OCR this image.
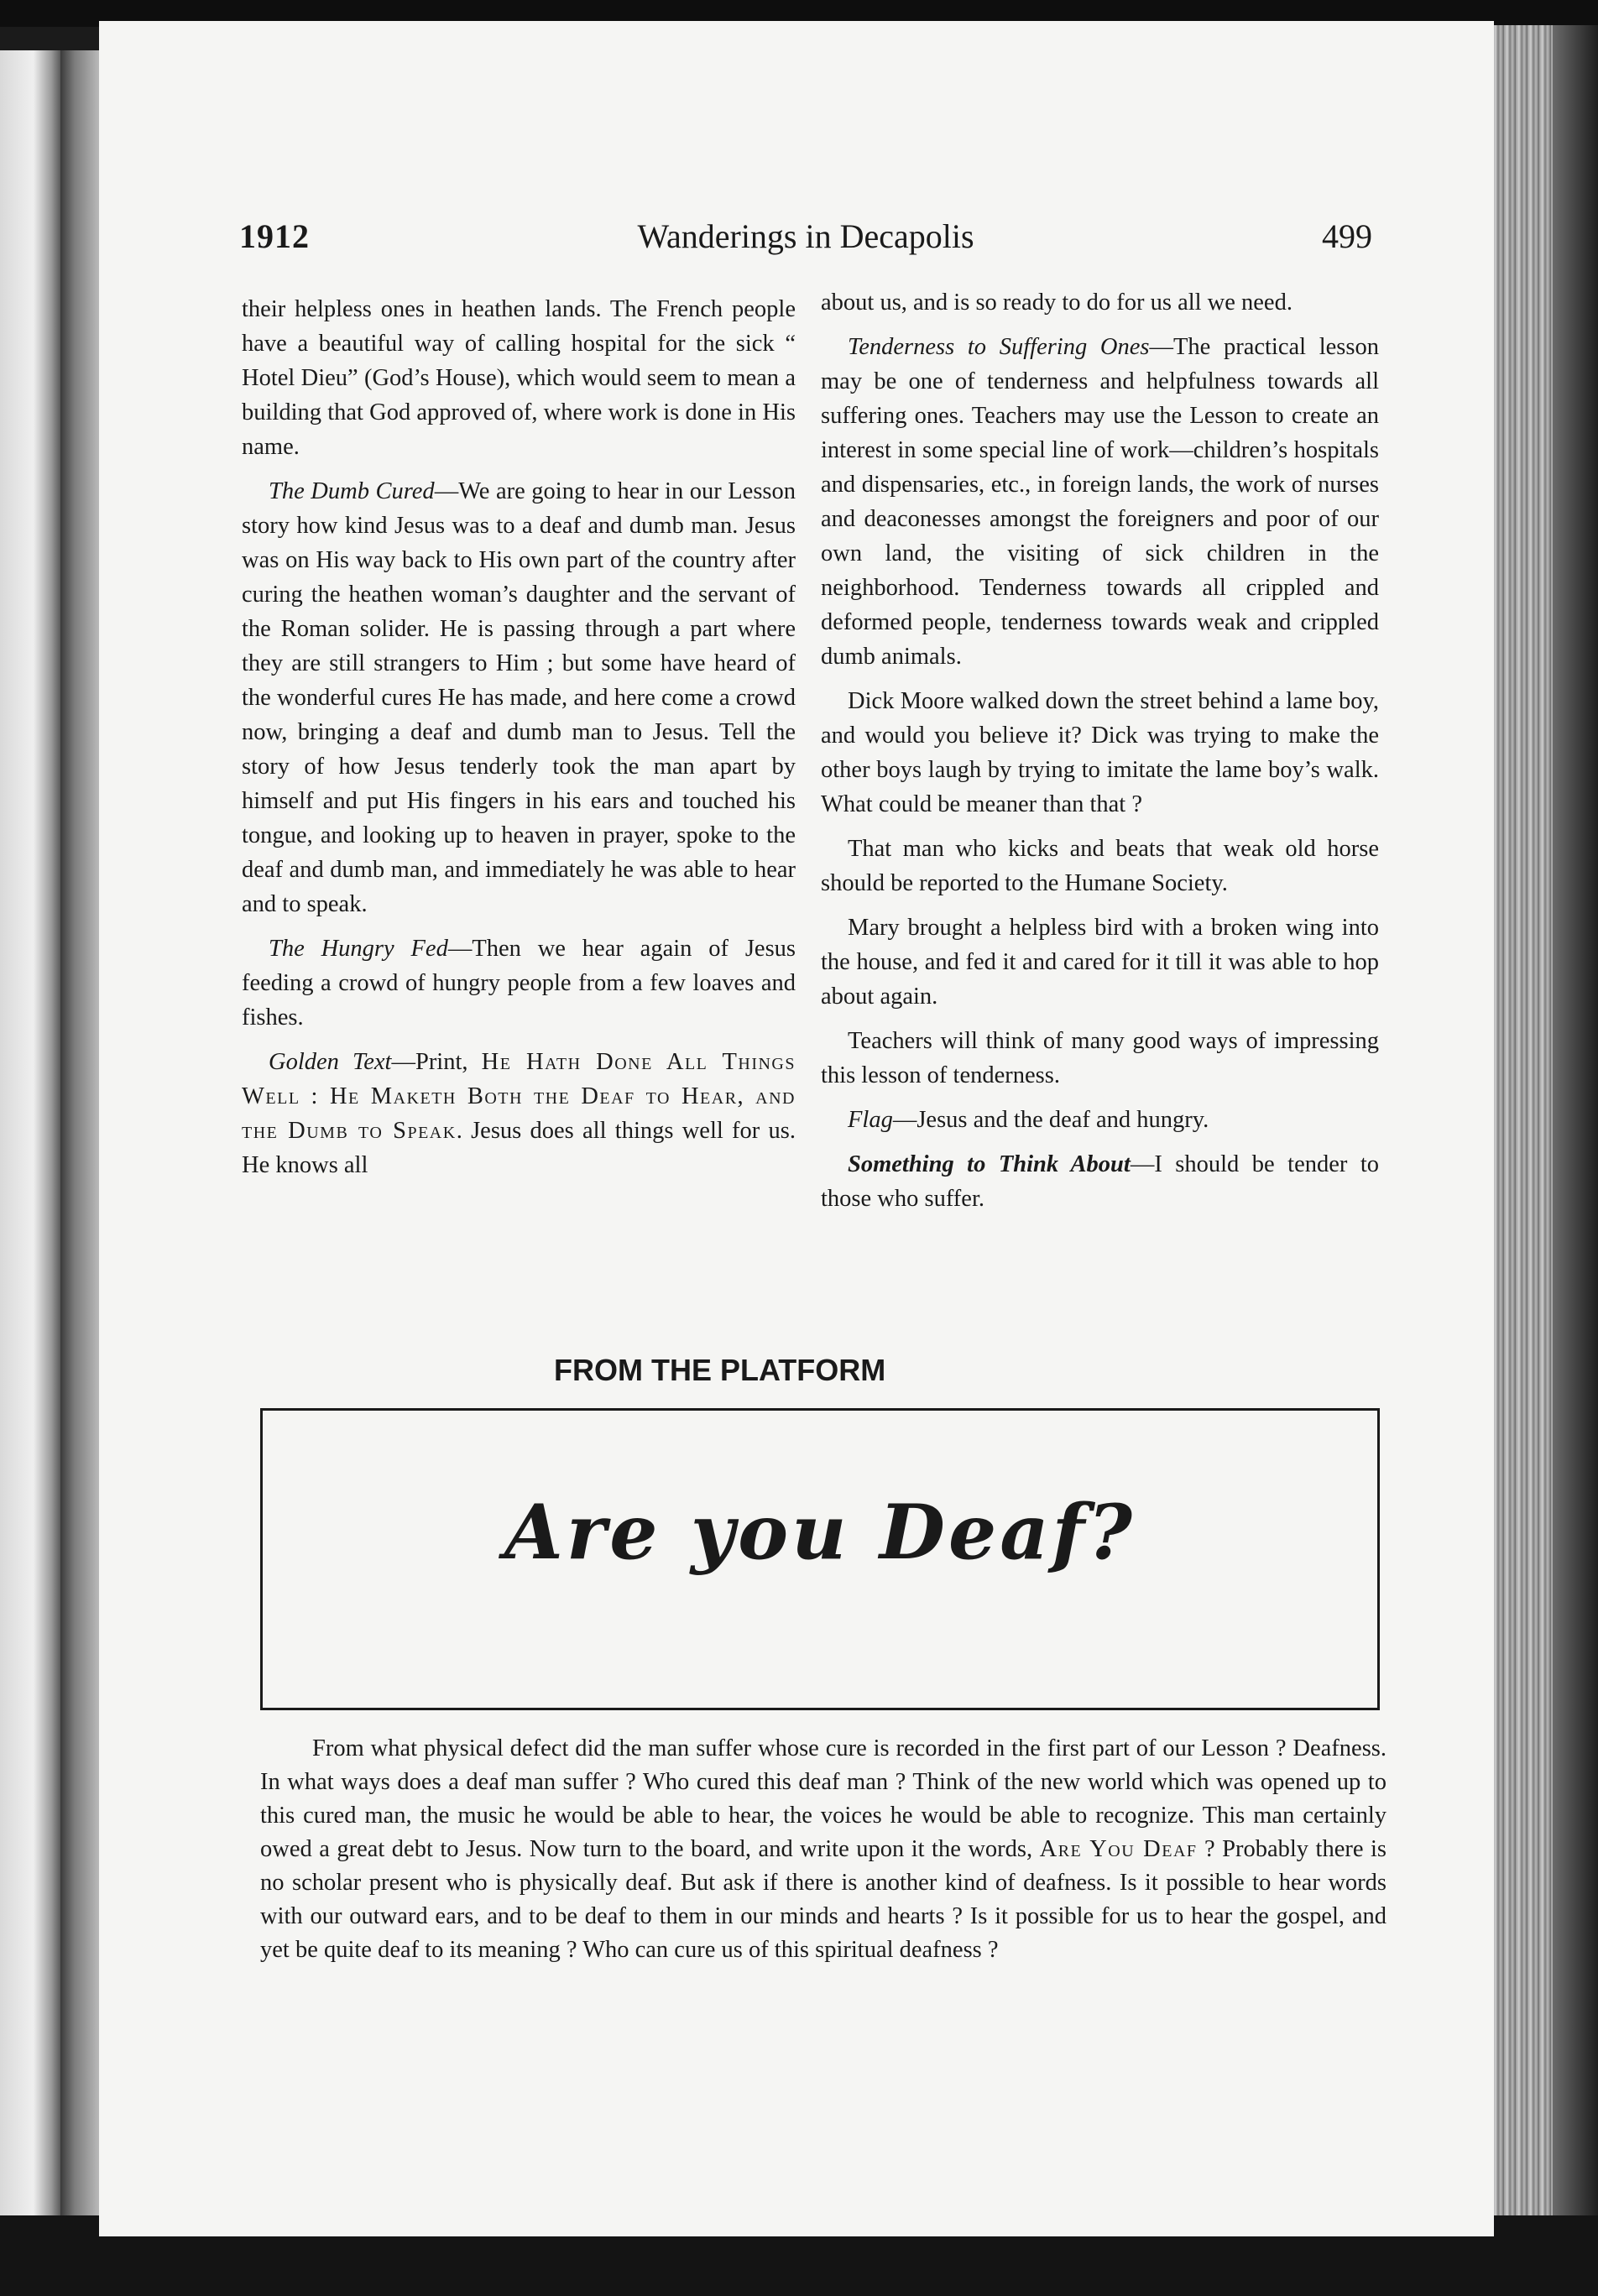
1912	Wanderings in Decapolis	499

their helpless ones in heathen lands. The French people have a beautiful way of calling hospital for the sick “ Hotel Dieu” (God’s House), which would seem to mean a building that God approved of, where work is done in His name.

The Dumb Cured—We are going to hear in our Lesson story how kind Jesus was to a deaf and dumb man. Jesus was on His way back to His own part of the country after curing the heathen woman’s daughter and the servant of the Roman solider. He is passing through a part where they are still strangers to Him ; but some have heard of the wonderful cures He has made, and here come a crowd now, bringing a deaf and dumb man to Jesus. Tell the story of how Jesus tenderly took the man apart by himself and put His fingers in his ears and touched his tongue, and looking up to heaven in prayer, spoke to the deaf and dumb man, and immediately he was able to hear and to speak.

The Hungry Fed—Then we hear again of Jesus feeding a crowd of hungry people from a few loaves and fishes.

Golden Text—Print, He Hath Done All Things Well : He Maketh Both the Deaf to Hear, and the Dumb to Speak. Jesus does all things well for us. He knows all

about us, and is so ready to do for us all we need.

Tenderness to Suffering Ones—The practical lesson may be one of tenderness and helpfulness towards all suffering ones. Teachers may use the Lesson to create an interest in some special line of work—children’s hospitals and dispensaries, etc., in foreign lands, the work of nurses and deaconesses amongst the foreigners and poor of our own land, the visiting of sick children in the neighborhood. Tenderness towards all crippled and deformed people, tenderness towards weak and crippled dumb animals.

Dick Moore walked down the street behind a lame boy, and would you believe it? Dick was trying to make the other boys laugh by trying to imitate the lame boy’s walk. What could be meaner than that ?

That man who kicks and beats that weak old horse should be reported to the Humane Society.

Mary brought a helpless bird with a broken wing into the house, and fed it and cared for it till it was able to hop about again.

Teachers will think of many good ways of impressing this lesson of tenderness.

Flag—Jesus and the deaf and hungry.

Something to Think About—I should be tender to those who suffer.

FROM THE PLATFORM
Are you Deaf?

From what physical defect did the man suffer whose cure is recorded in the first part of our Lesson ? Deafness. In what ways does a deaf man suffer ? Who cured this deaf man ? Think of the new world which was opened up to this cured man, the music he would be able to hear, the voices he would be able to recognize. This man certainly owed a great debt to Jesus. Now turn to the board, and write upon it the words, Are You Deaf ? Probably there is no scholar present who is physically deaf. But ask if there is another kind of deafness. Is it possible to hear words with our outward ears, and to be deaf to them in our minds and hearts ? Is it possible for us to hear the gospel, and yet be quite deaf to its meaning ? Who can cure us of this spiritual deafness ?
